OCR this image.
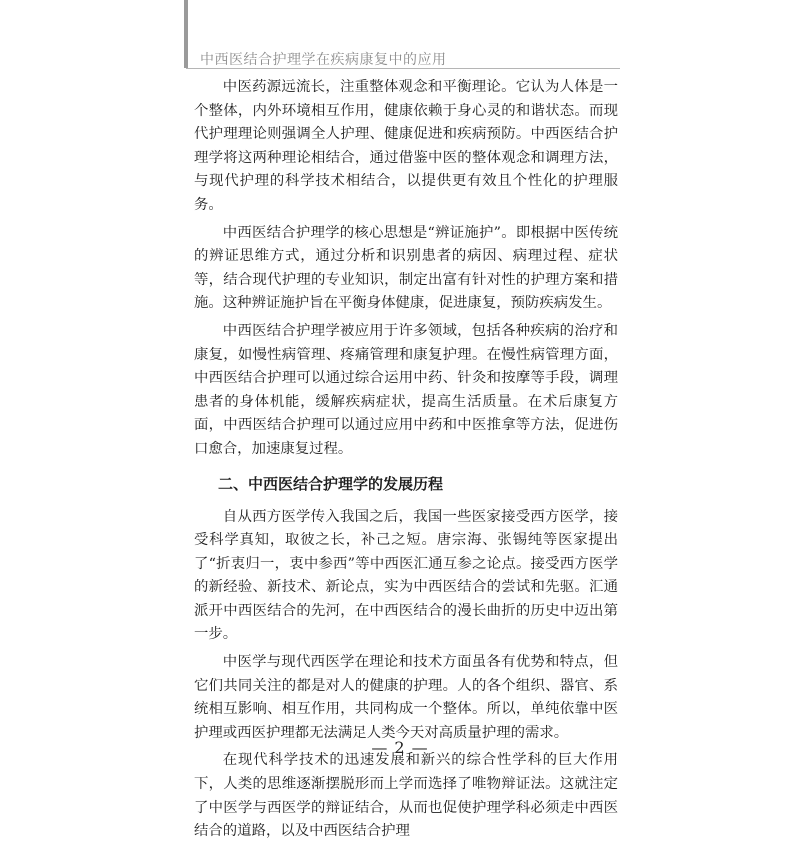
中西医结合护理学在疾病康复中的应用

中医药源远流长，注重整体观念和平衡理论。它认为人体是一个整体，内外环境相互作用，健康依赖于身心灵的和谐状态。而现代护理理论则强调全人护理、健康促进和疾病预防。中西医结合护理学将这两种理论相结合，通过借鉴中医的整体观念和调理方法，与现代护理的科学技术相结合，以提供更有效且个性化的护理服务。

中西医结合护理学的核心思想是“辨证施护”。即根据中医传统的辨证思维方式，通过分析和识别患者的病因、病理过程、症状等，结合现代护理的专业知识，制定出富有针对性的护理方案和措施。这种辨证施护旨在平衡身体健康，促进康复，预防疾病发生。

中西医结合护理学被应用于许多领域，包括各种疾病的治疗和康复，如慢性病管理、疼痛管理和康复护理。在慢性病管理方面，中西医结合护理可以通过综合运用中药、针灸和按摩等手段，调理患者的身体机能，缓解疾病症状，提高生活质量。在术后康复方面，中西医结合护理可以通过应用中药和中医推拿等方法，促进伤口愈合，加速康复过程。

二、中西医结合护理学的发展历程

自从西方医学传入我国之后，我国一些医家接受西方医学，接受科学真知，取彼之长，补己之短。唐宗海、张锡纯等医家提出了“折衷归一，衷中参西”等中西医汇通互参之论点。接受西方医学的新经验、新技术、新论点，实为中西医结合的尝试和先驱。汇通派开中西医结合的先河，在中西医结合的漫长曲折的历史中迈出第一步。

中医学与现代西医学在理论和技术方面虽各有优势和特点，但它们共同关注的都是对人的健康的护理。人的各个组织、器官、系统相互影响、相互作用，共同构成一个整体。所以，单纯依靠中医护理或西医护理都无法满足人类今天对高质量护理的需求。

在现代科学技术的迅速发展和新兴的综合性学科的巨大作用下，人类的思维逐渐摆脱形而上学而选择了唯物辩证法。这就注定了中医学与西医学的辩证结合，从而也促使护理学科必须走中西医结合的道路，以及中西医结合护理

— 2 —
